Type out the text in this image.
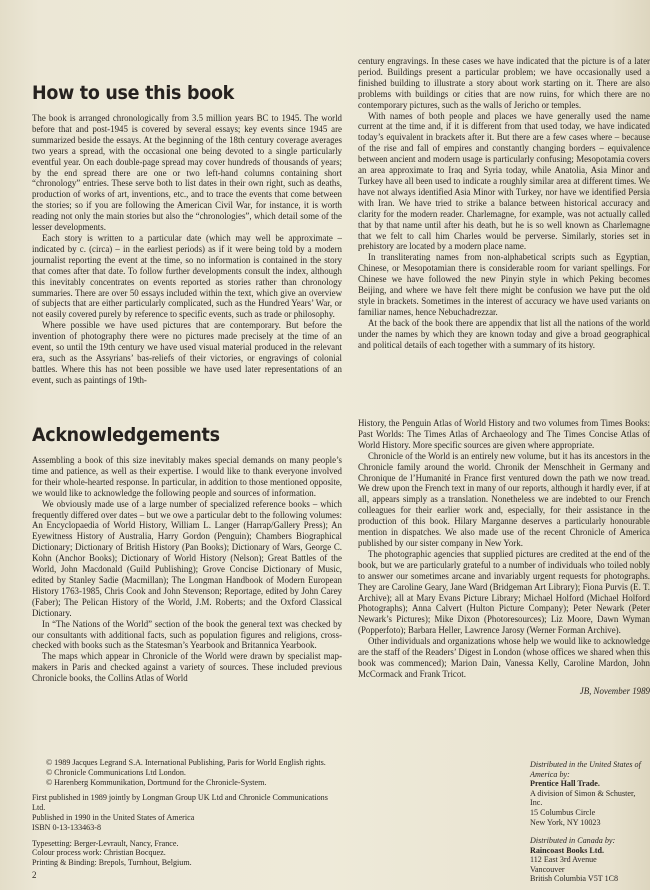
How to use this book

The book is arranged chronologically from 3.5 million years BC to 1945. The world before that and post-1945 is covered by several essays; key events since 1945 are summarized beside the essays. At the beginning of the 18th century coverage averages two years a spread, with the occasional one being devoted to a single particularly eventful year. On each double-page spread may cover hundreds of thousands of years; by the end spread there are one or two left-hand columns containing short “chronology” entries. These serve both to list dates in their own right, such as deaths, production of works of art, inventions, etc., and to trace the events that come between the stories; so if you are following the American Civil War, for instance, it is worth reading not only the main stories but also the “chronologies”, which detail some of the lesser developments.

Each story is written to a particular date (which may well be approximate – indicated by c. (circa) – in the earliest periods) as if it were being told by a modern journalist reporting the event at the time, so no information is contained in the story that comes after that date. To follow further developments consult the index, although this inevitably concentrates on events reported as stories rather than chronology summaries. There are over 50 essays included within the text, which give an overview of subjects that are either particularly complicated, such as the Hundred Years’ War, or not easily covered purely by reference to specific events, such as trade or philosophy.

Where possible we have used pictures that are contemporary. But before the invention of photography there were no pictures made precisely at the time of an event, so until the 19th century we have used visual material produced in the relevant era, such as the Assyrians’ bas-reliefs of their victories, or engravings of colonial battles. Where this has not been possible we have used later representations of an event, such as paintings of 19th-

century engravings. In these cases we have indicated that the picture is of a later period. Buildings present a particular problem; we have occasionally used a finished building to illustrate a story about work starting on it. There are also problems with buildings or cities that are now ruins, for which there are no contemporary pictures, such as the walls of Jericho or temples.

With names of both people and places we have generally used the name current at the time and, if it is different from that used today, we have indicated today’s equivalent in brackets after it. But there are a few cases where – because of the rise and fall of empires and constantly changing borders – equivalence between ancient and modern usage is particularly confusing; Mesopotamia covers an area approximate to Iraq and Syria today, while Anatolia, Asia Minor and Turkey have all been used to indicate a roughly similar area at different times. We have not always identified Asia Minor with Turkey, nor have we identified Persia with Iran. We have tried to strike a balance between historical accuracy and clarity for the modern reader. Charlemagne, for example, was not actually called that by that name until after his death, but he is so well known as Charlemagne that we felt to call him Charles would be perverse. Similarly, stories set in prehistory are located by a modern place name.

In transliterating names from non-alphabetical scripts such as Egyptian, Chinese, or Mesopotamian there is considerable room for variant spellings. For Chinese we have followed the new Pinyin style in which Peking becomes Beijing, and where we have felt there might be confusion we have put the old style in brackets. Sometimes in the interest of accuracy we have used variants on familiar names, hence Nebuchadrezzar.

At the back of the book there are appendix that list all the nations of the world under the names by which they are known today and give a broad geographical and political details of each together with a summary of its history.

Acknowledgements

Assembling a book of this size inevitably makes special demands on many people’s time and patience, as well as their expertise. I would like to thank everyone involved for their whole-hearted response. In particular, in addition to those mentioned opposite, we would like to acknowledge the following people and sources of information.

We obviously made use of a large number of specialized reference books – which frequently differed over dates – but we owe a particular debt to the following volumes: An Encyclopaedia of World History, William L. Langer (Harrap/Gallery Press); An Eyewitness History of Australia, Harry Gordon (Penguin); Chambers Biographical Dictionary; Dictionary of British History (Pan Books); Dictionary of Wars, George C. Kohn (Anchor Books); Dictionary of World History (Nelson); Great Battles of the World, John Macdonald (Guild Publishing); Grove Concise Dictionary of Music, edited by Stanley Sadie (Macmillan); The Longman Handbook of Modern European History 1763-1985, Chris Cook and John Stevenson; Reportage, edited by John Carey (Faber); The Pelican History of the World, J.M. Roberts; and the Oxford Classical Dictionary.

In “The Nations of the World” section of the book the general text was checked by our consultants with additional facts, such as population figures and religions, cross-checked with books such as the Statesman’s Yearbook and Britannica Yearbook.

The maps which appear in Chronicle of the World were drawn by specialist map-makers in Paris and checked against a variety of sources. These included previous Chronicle books, the Collins Atlas of World

History, the Penguin Atlas of World History and two volumes from Times Books: Past Worlds: The Times Atlas of Archaeology and The Times Concise Atlas of World History. More specific sources are given where appropriate.

Chronicle of the World is an entirely new volume, but it has its ancestors in the Chronicle family around the world. Chronik der Menschheit in Germany and Chronique de l’Humanité in France first ventured down the path we now tread. We drew upon the French text in many of our reports, although it hardly ever, if at all, appears simply as a translation. Nonetheless we are indebted to our French colleagues for their earlier work and, especially, for their assistance in the production of this book. Hilary Marganne deserves a particularly honourable mention in dispatches. We also made use of the recent Chronicle of America published by our sister company in New York.

The photographic agencies that supplied pictures are credited at the end of the book, but we are particularly grateful to a number of individuals who toiled nobly to answer our sometimes arcane and invariably urgent requests for photographs. They are Caroline Geary, Jane Ward (Bridgeman Art Library); Fiona Purvis (E. T. Archive); all at Mary Evans Picture Library; Michael Holford (Michael Holford Photographs); Anna Calvert (Hulton Picture Company); Peter Newark (Peter Newark’s Pictures); Mike Dixon (Photoresources); Liz Moore, Dawn Wyman (Popperfoto); Barbara Heller, Lawrence Jarosy (Werner Forman Archive).

Other individuals and organizations whose help we would like to acknowledge are the staff of the Readers’ Digest in London (whose offices we shared when this book was commenced); Marion Dain, Vanessa Kelly, Caroline Mardon, John McCormack and Frank Tricot.

JB, November 1989

© 1989 Jacques Legrand S.A. International Publishing, Paris for World English rights.

© Chronicle Communications Ltd London.

© Harenberg Kommunikation, Dortmund for the Chronicle-System.

First published in 1989 jointly by Longman Group UK Ltd and Chronicle Communications Ltd.

Published in 1990 in the United States of America

ISBN 0-13-133463-8

Typesetting: Berger-Levrault, Nancy, France.

Colour process work: Christian Bocquez.

Printing & Binding: Brepols, Turnhout, Belgium.

Distributed in the United States of America by:

Prentice Hall Trade.

A division of Simon & Schuster, Inc.

15 Columbus Circle

New York, NY 10023

Distributed in Canada by:

Raincoast Books Ltd.

112 East 3rd Avenue

Vancouver

British Columbia V5T 1C8

2
